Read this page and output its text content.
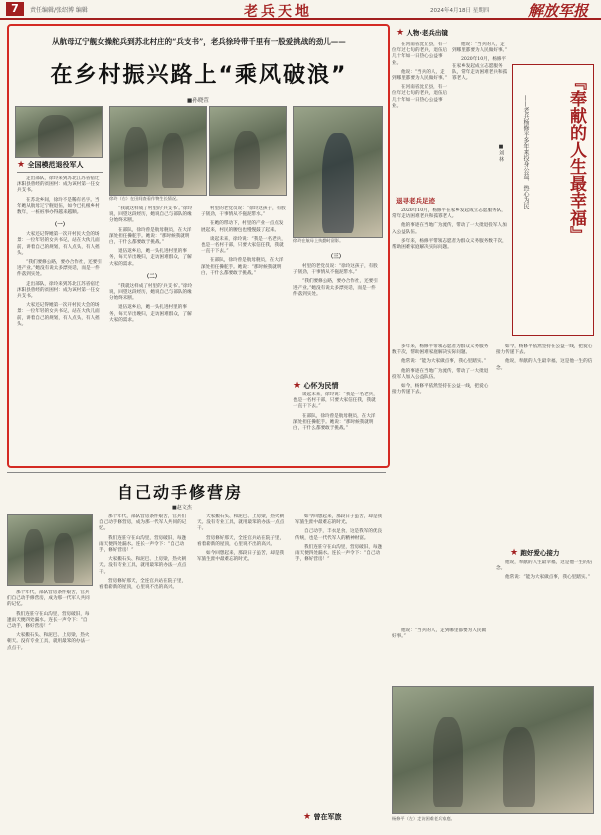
7	责任编辑/张绍博 编辑	老兵天地	2024年4月18日 星期四	解放军报
从航母辽宁舰女操舵兵到苏北村庄的“兵支书”，老兵徐玲带千里有一股爱挑战的劲儿——
在乡村振兴路上“乘风破浪”
■孙晓萱
★ 全国模范退役军人

走出部队，徐玲来到苏北江苏省宿迁沭阳县曾经的贫困村：成为该村第一任女兵支书。

在苏北乡间，徐玲不是稀有名字。当年她从航母辽宁舰退伍，如今已扎根乡村数年，一桩桩事办得越来越顺。

（一）

大家还记得她第一次开村民大会的场景：一位年轻的女兵书记，站在大伙儿面前，讲着自己的规划，有人点头，有人摇头。

“我们要修公路，要办合作社，还要引进产业。”她没有说太多漂亮话，而是一件件落到实处。

走出部队，徐玲来到苏北江苏省宿迁沭阳县曾经的贫困村：成为该村第一任女兵支书。

大家还记得她第一次开村民大会的场景：一位年轻的女兵书记，站在大伙儿面前，讲着自己的规划，有人点头，有人摇头。

徐玲（右）在田间查看作物生长情况。

“我就这样成了村里的‘兵支书’。”徐玲说，回望这段经历，她说自己与部队的缘分始终未断。

在部队，徐玲曾是航母舰员，在大洋深处担任操舵手。她说：“那时候我就明白，干什么都要敢于挑战。”

退伍返乡后，她一头扎进村里的事务，每天早出晚归，走访困难群众，了解大家的需求。

（二）

“我就这样成了村里的‘兵支书’。”徐玲说，回望这段经历，她说自己与部队的缘分始终未断。

退伍返乡后，她一头扎进村里的事务，每天早出晚归，走访困难群众，了解大家的需求。

村里的老党员说：“徐玲这孩子，有股子韧劲，干事情从不拖泥带水。”

在她的带动下，村里的产业一点点发展起来，村民的腰包也慢慢鼓了起来。

谈起未来，徐玲说：“我是一名老兵，也是一名村干部，只要大家信任我，我就一直干下去。”

在部队，徐玲曾是航母舰员，在大洋深处担任操舵手。她说：“那时候我就明白，干什么都要敢于挑战。”

徐玲在航母上执勤时留影。
（三）

村里的老党员说：“徐玲这孩子，有股子韧劲，干事情从不拖泥带水。”

“我们要修公路，要办合作社，还要引进产业。”她没有说太多漂亮话，而是一件件落到实处。

★ 心怀为民情

谈起未来，徐玲说：“我是一名老兵，也是一名村干部，只要大家信任我，我就一直干下去。”

在部队，徐玲曾是航母舰员，在大洋深处担任操舵手。她说：“那时候我就明白，干什么都要敢于挑战。”

自己动手修营房
■赵文杰

那个年代，部队营房条件艰苦，官兵们自己动手修营房，成为那一代军人共同的记忆。

我们连驻守在山沟里，营房破旧，每逢雨天便四处漏水。连长一声令下：“自己动手，修好营房！”

大家搬石头、和泥巴、上房梁，热火朝天。没有专业工具，就用最笨的办法一点点干。

那个年代，部队营房条件艰苦，官兵们自己动手修营房，成为那一代军人共同的记忆。

我们连驻守在山沟里，营房破旧，每逢雨天便四处漏水。连长一声令下：“自己动手，修好营房！”

大家搬石头、和泥巴、上房梁，热火朝天。没有专业工具，就用最笨的办法一点点干。

营房修好那天，全连官兵站在院子里，看着崭新的屋顶，心里说不出的高兴。

大家搬石头、和泥巴、上房梁，热火朝天。没有专业工具，就用最笨的办法一点点干。

营房修好那天，全连官兵站在院子里，看着崭新的屋顶，心里说不出的高兴。

如今回想起来，那段日子虽苦，却是我军旅生涯中最难忘的时光。

如今回想起来，那段日子虽苦，却是我军旅生涯中最难忘的时光。

自己动手，丰衣足食，这是我军的优良传统，也是一代代军人的精神财富。

我们连驻守在山沟里，营房破旧，每逢雨天便四处漏水。连长一声令下：“自己动手，修好营房！”

★ 曾在军旅
★ 人物·老兵出镜

在河南省沈丘县，有一位年过七旬的老兵，退伍后几十年如一日热心公益事业。

他说：“当兵的人，走到哪里都要为人民做好事。”

在河南省沈丘县，有一位年过七旬的老兵，退伍后几十年如一日热心公益事业。

他说：“当兵的人，走到哪里都要为人民做好事。”

2020年10月，杨修平在家乡发起成立志愿服务队，常年走访困难老兵和孤寡老人。	『奉献的人生最幸福』
——老兵杨修平多年来投身公益、热心为民
■刘 林
退寻老兵足迹

2020年10月，杨修平在家乡发起成立志愿服务队，常年走访困难老兵和孤寡老人。

他的事迹在当地广为流传，带动了一大批退役军人加入公益队伍。

多年来，杨修平带领志愿者为群众义务服务数千次，帮助困难家庭解决实际问题。

多年来，杨修平带领志愿者为群众义务服务数千次，帮助困难家庭解决实际问题。

他常说：“能为大家做点事，我心里踏实。”

他的事迹在当地广为流传，带动了一大批退役军人加入公益队伍。

如今，杨修平依然坚持在公益一线，把爱心接力传递下去。

如今，杨修平依然坚持在公益一线，把爱心接力传递下去。

他说，奉献的人生最幸福，这是他一生的信念。

★ 跑好爱心接力

他说，奉献的人生最幸福，这是他一生的信念。

他常说：“能为大家做点事，我心里踏实。”

他说：“当兵的人，走到哪里都要为人民做好事。”

杨修平（左）走访困难老兵家庭。
